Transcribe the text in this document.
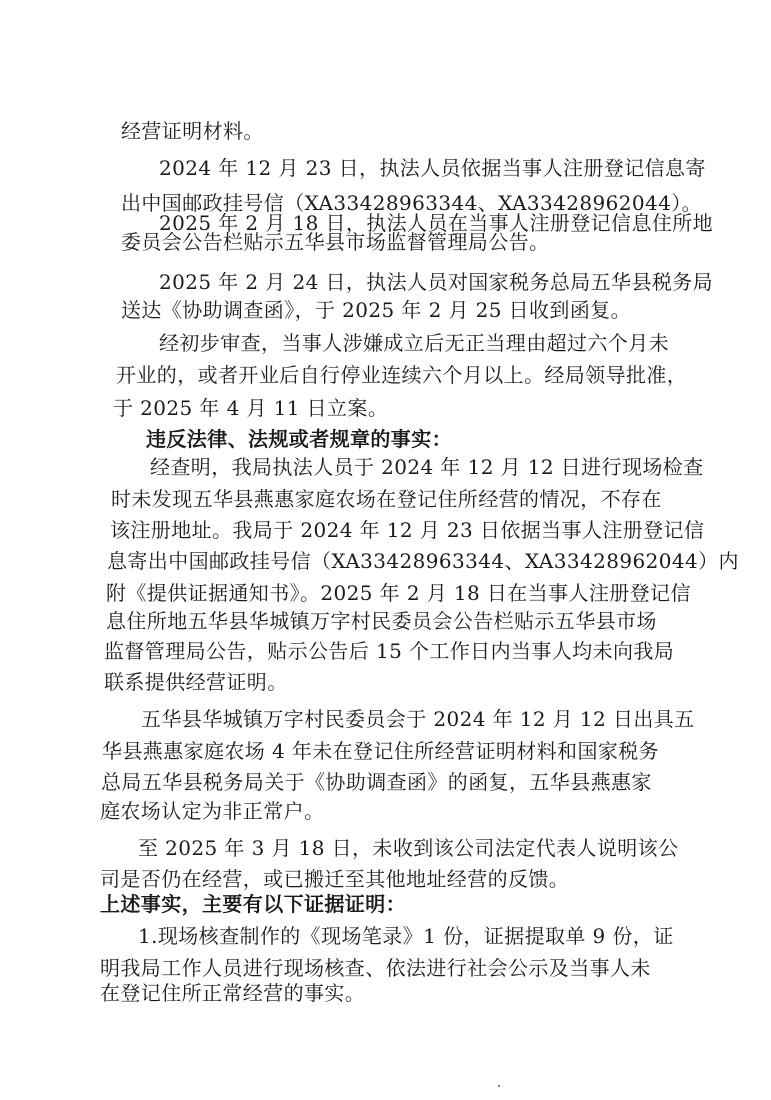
经营证明材料。
2024 年 12 月 23 日，执法人员依据当事人注册登记信息寄
出中国邮政挂号信（XA33428963344、XA33428962044）。
2025 年 2 月 18 日，执法人员在当事人注册登记信息住所地
委员会公告栏贴示五华县市场监督管理局公告。
2025 年 2 月 24 日，执法人员对国家税务总局五华县税务局
送达《协助调查函》，于 2025 年 2 月 25 日收到函复。
经初步审查，当事人涉嫌成立后无正当理由超过六个月未
开业的，或者开业后自行停业连续六个月以上。经局领导批准，
于 2025 年 4 月 11 日立案。
违反法律、法规或者规章的事实：
经查明，我局执法人员于 2024 年 12 月 12 日进行现场检查
时未发现五华县燕惠家庭农场在登记住所经营的情况，不存在
该注册地址。我局于 2024 年 12 月 23 日依据当事人注册登记信
息寄出中国邮政挂号信（XA33428963344、XA33428962044）内
附《提供证据通知书》。2025 年 2 月 18 日在当事人注册登记信
息住所地五华县华城镇万字村民委员会公告栏贴示五华县市场
监督管理局公告，贴示公告后 15 个工作日内当事人均未向我局
联系提供经营证明。
五华县华城镇万字村民委员会于 2024 年 12 月 12 日出具五
华县燕惠家庭农场 4 年未在登记住所经营证明材料和国家税务
总局五华县税务局关于《协助调查函》的函复，五华县燕惠家
庭农场认定为非正常户。
至 2025 年 3 月 18 日，未收到该公司法定代表人说明该公
司是否仍在经营，或已搬迁至其他地址经营的反馈。
上述事实，主要有以下证据证明：
1.现场核查制作的《现场笔录》1 份，证据提取单 9 份，证
明我局工作人员进行现场核查、依法进行社会公示及当事人未
在登记住所正常经营的事实。
